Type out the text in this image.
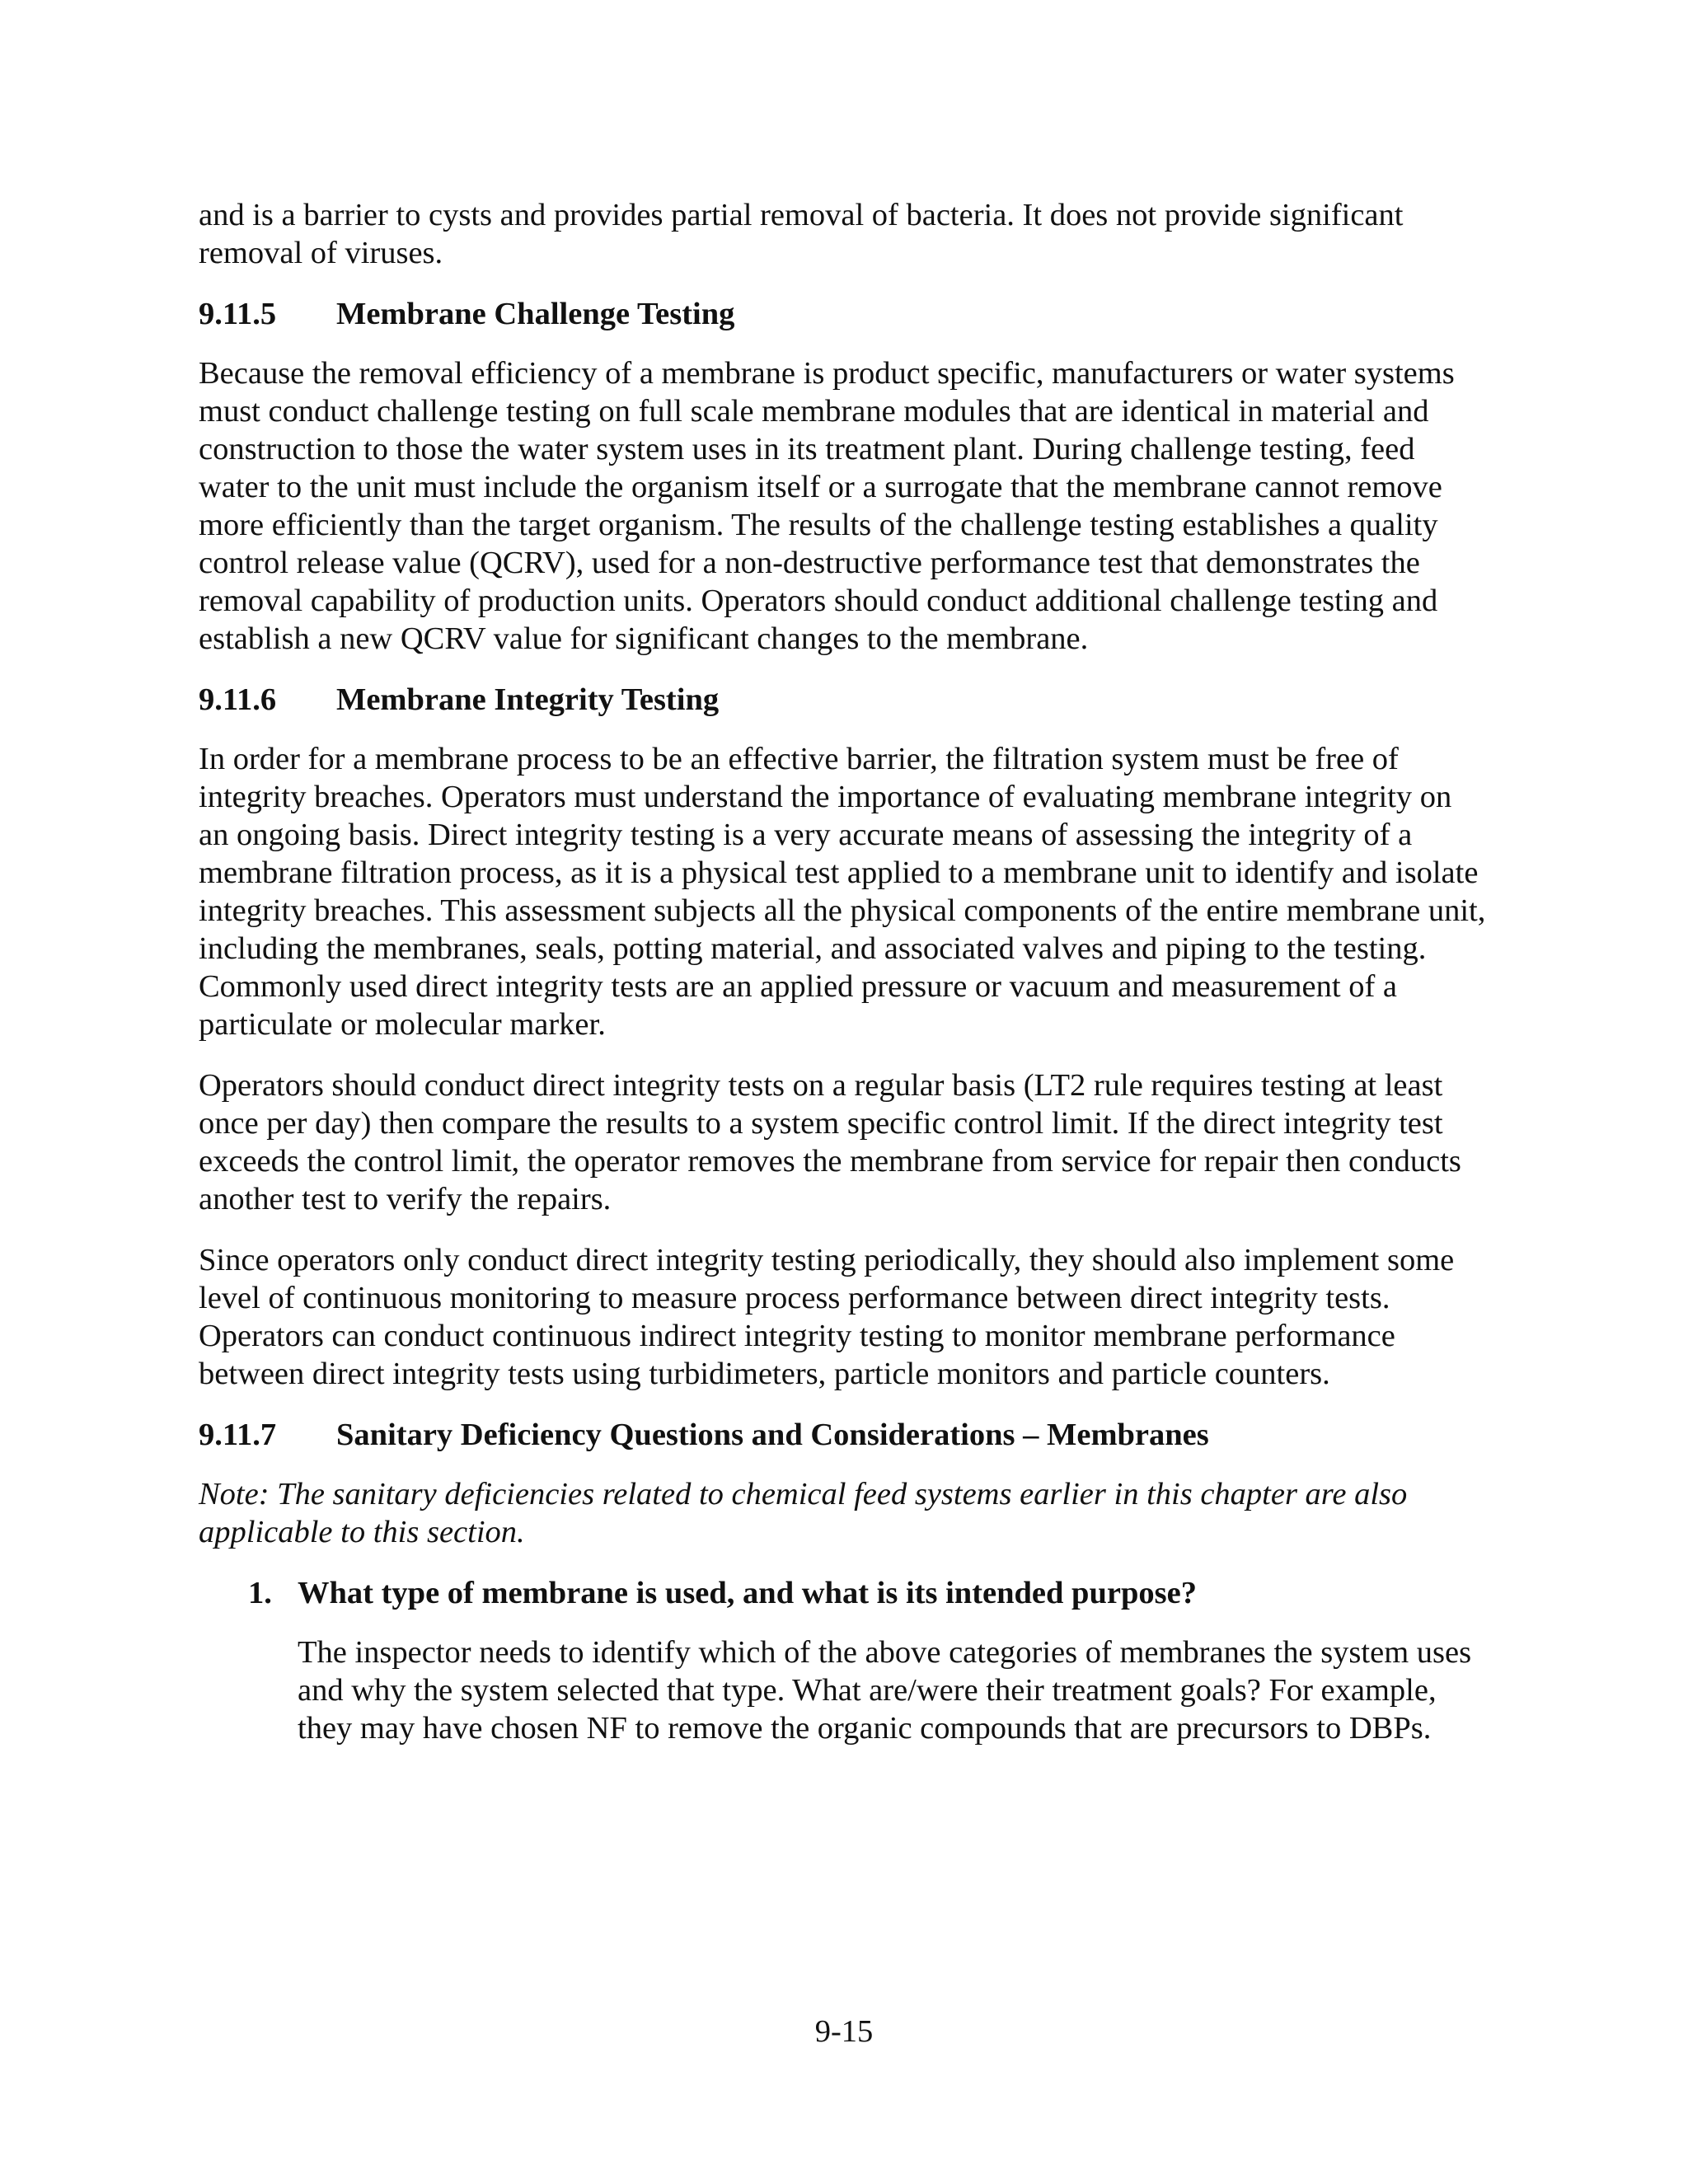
and is a barrier to cysts and provides partial removal of bacteria. It does not provide significant removal of viruses.

9.11.5	Membrane Challenge Testing

Because the removal efficiency of a membrane is product specific, manufacturers or water systems must conduct challenge testing on full scale membrane modules that are identical in material and construction to those the water system uses in its treatment plant. During challenge testing, feed water to the unit must include the organism itself or a surrogate that the membrane cannot remove more efficiently than the target organism. The results of the challenge testing establishes a quality control release value (QCRV), used for a non-destructive performance test that demonstrates the removal capability of production units. Operators should conduct additional challenge testing and establish a new QCRV value for significant changes to the membrane.

9.11.6	Membrane Integrity Testing

In order for a membrane process to be an effective barrier, the filtration system must be free of integrity breaches. Operators must understand the importance of evaluating membrane integrity on an ongoing basis. Direct integrity testing is a very accurate means of assessing the integrity of a membrane filtration process, as it is a physical test applied to a membrane unit to identify and isolate integrity breaches. This assessment subjects all the physical components of the entire membrane unit, including the membranes, seals, potting material, and associated valves and piping to the testing. Commonly used direct integrity tests are an applied pressure or vacuum and measurement of a particulate or molecular marker.

Operators should conduct direct integrity tests on a regular basis (LT2 rule requires testing at least once per day) then compare the results to a system specific control limit. If the direct integrity test exceeds the control limit, the operator removes the membrane from service for repair then conducts another test to verify the repairs.

Since operators only conduct direct integrity testing periodically, they should also implement some level of continuous monitoring to measure process performance between direct integrity tests. Operators can conduct continuous indirect integrity testing to monitor membrane performance between direct integrity tests using turbidimeters, particle monitors and particle counters.

9.11.7	Sanitary Deficiency Questions and Considerations – Membranes

Note: The sanitary deficiencies related to chemical feed systems earlier in this chapter are also applicable to this section.

1. What type of membrane is used, and what is its intended purpose?

The inspector needs to identify which of the above categories of membranes the system uses and why the system selected that type. What are/were their treatment goals? For example, they may have chosen NF to remove the organic compounds that are precursors to DBPs.

9-15
